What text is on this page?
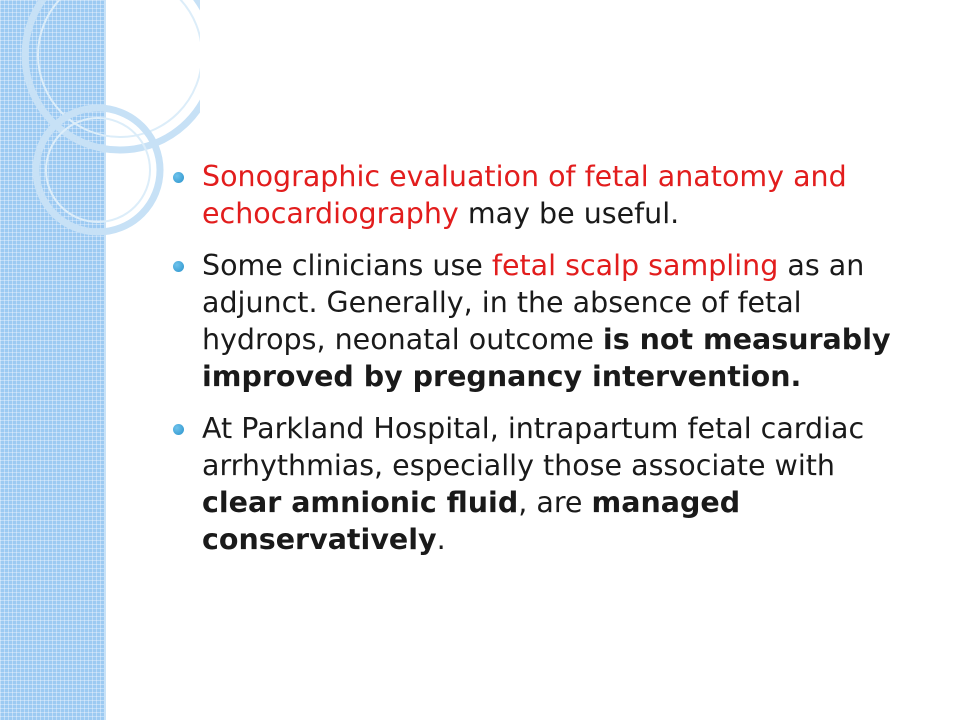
Sonographic evaluation of fetal anatomy and echocardiography may be useful.
Some clinicians use fetal scalp sampling as an adjunct. Generally, in the absence of fetal hydrops, neonatal outcome is not measurably improved by pregnancy intervention.
At Parkland Hospital, intrapartum fetal cardiac arrhythmias, especially those associate with clear amnionic fluid, are managed conservatively.
